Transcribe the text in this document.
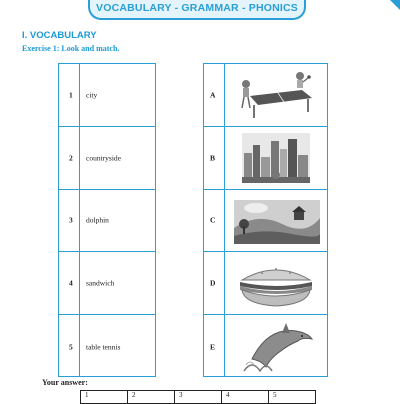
VOCABULARY - GRAMMAR - PHONICS
I. VOCABULARY
Exercise 1: Look and match.
1 city
2 countryside
3 dolphin
4 sandwich
5 table tennis
A
B
C
D
E
Your answer:
1	2	3	4	5
